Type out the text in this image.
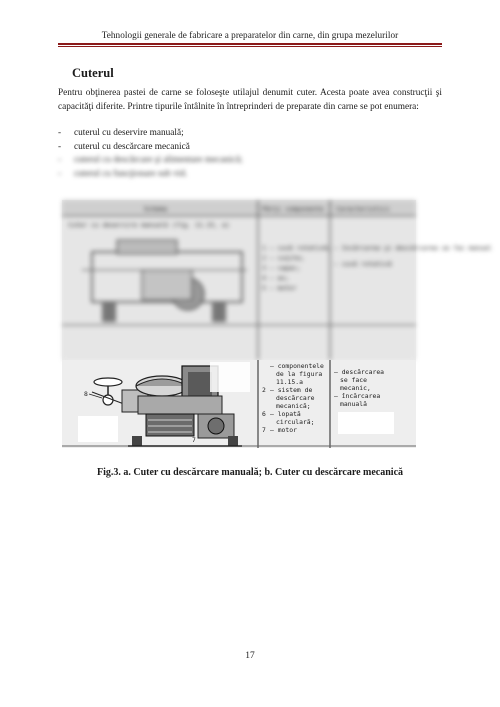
Tehnologii generale de fabricare a preparatelor din carne, din grupa mezelurilor
Cuterul
Pentru obţinerea pastei de carne se foloseşte utilajul denumit cuter. Acesta poate avea construcţii şi capacităţi diferite. Printre tipurile întâlnite în întreprinderi de preparate din carne se pot enumera:
- cuterul cu deservire manuală;
- cuterul cu descărcare mecanică
- cuterul cu descărcare şi alimentare mecanică;
- cuterul cu funcţionare sub vid.
Schema	Părţi componente Caracteristici
Cuter cu deservire manuală (fig. 11.15, a)
1 — cuvă rotativă;
2 — cuţite;
3 — capac;
4 — ax;
5 — motor
— încărcarea şi descărcarea se fac manual
— cuvă rotativă
8
7
— componentele
de la figura
11.15.a
2 — sistem de
descărcare
mecanică;
6 — lopată
circulară;
7 — motor
— descărcarea
se face
mecanic,
— încărcarea
manuală
Fig.3. a. Cuter cu descărcare manuală; b. Cuter cu descărcare mecanică
17
